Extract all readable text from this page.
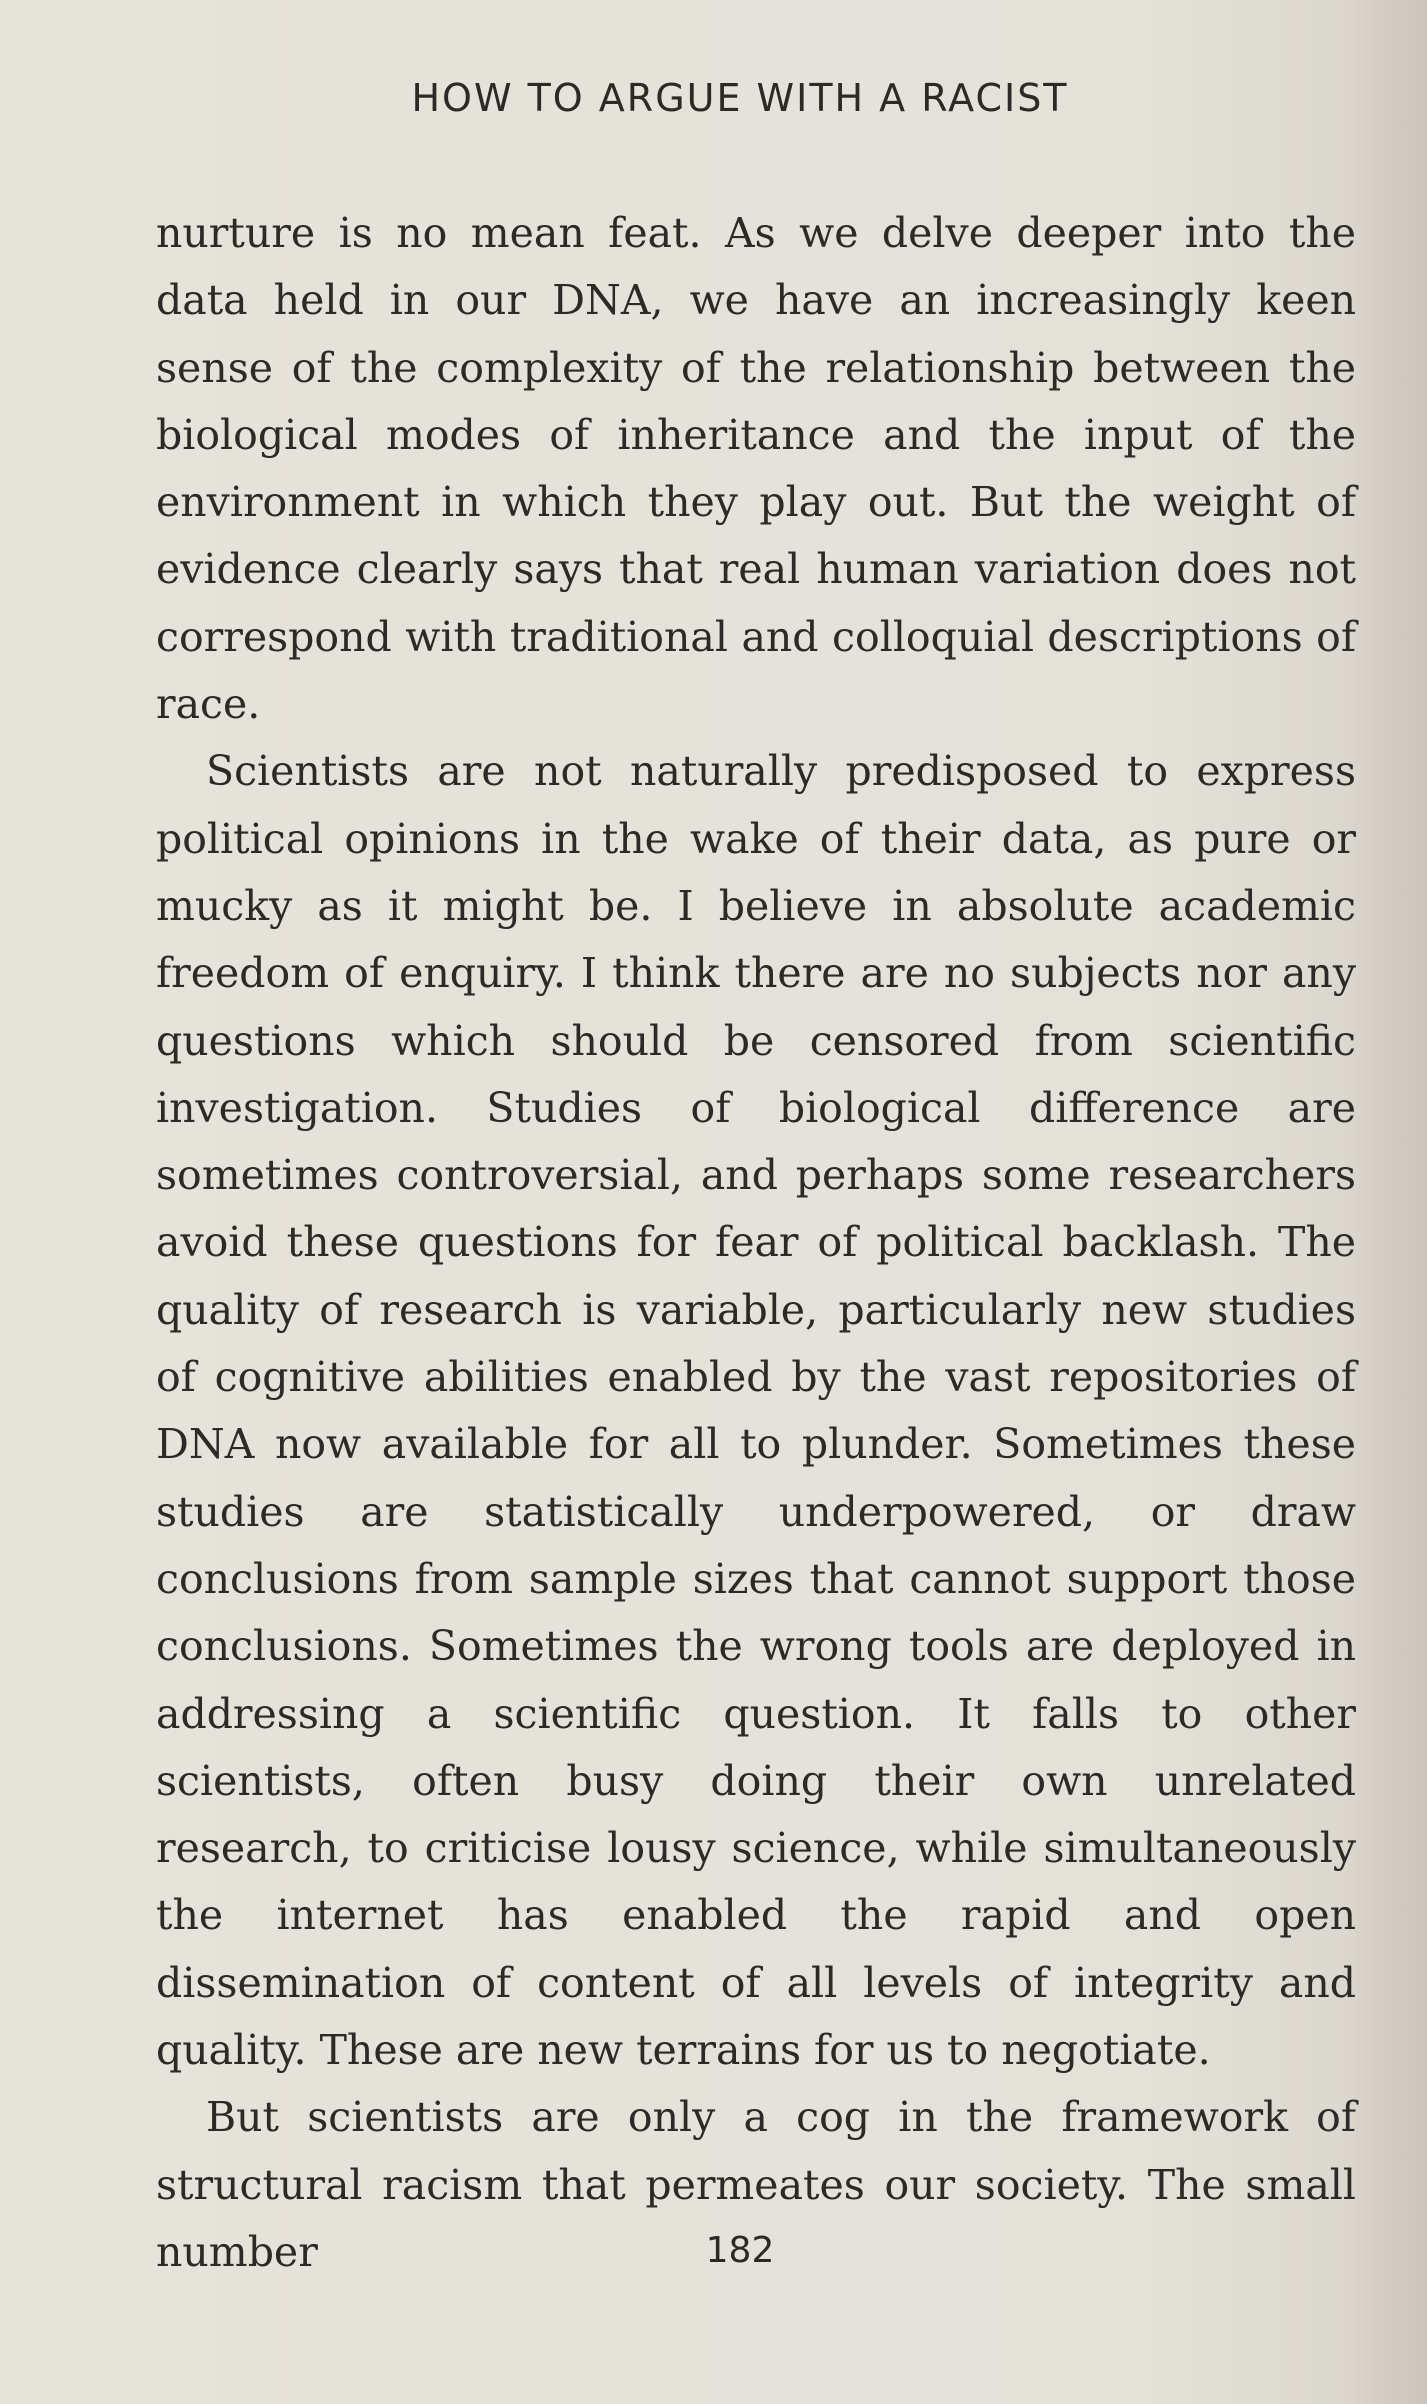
HOW TO ARGUE WITH A RACIST

nurture is no mean feat. As we delve deeper into the data held in our DNA, we have an increasingly keen sense of the complexity of the relationship between the biological modes of inheritance and the input of the environment in which they play out. But the weight of evidence clearly says that real human variation does not correspond with traditional and colloquial descriptions of race.

Scientists are not naturally predisposed to express political opinions in the wake of their data, as pure or mucky as it might be. I believe in absolute academic freedom of enquiry. I think there are no subjects nor any questions which should be censored from scientific investigation. Studies of biological difference are sometimes controversial, and perhaps some researchers avoid these questions for fear of political backlash. The quality of research is variable, particularly new studies of cognitive abilities enabled by the vast repositories of DNA now available for all to plunder. Sometimes these studies are statistically underpowered, or draw conclusions from sample sizes that cannot support those conclusions. Sometimes the wrong tools are deployed in addressing a scientific question. It falls to other scientists, often busy doing their own unrelated research, to criticise lousy science, while simultaneously the internet has enabled the rapid and open dissemination of content of all levels of integrity and quality. These are new terrains for us to negotiate.

But scientists are only a cog in the framework of structural racism that permeates our society. The small number	182
